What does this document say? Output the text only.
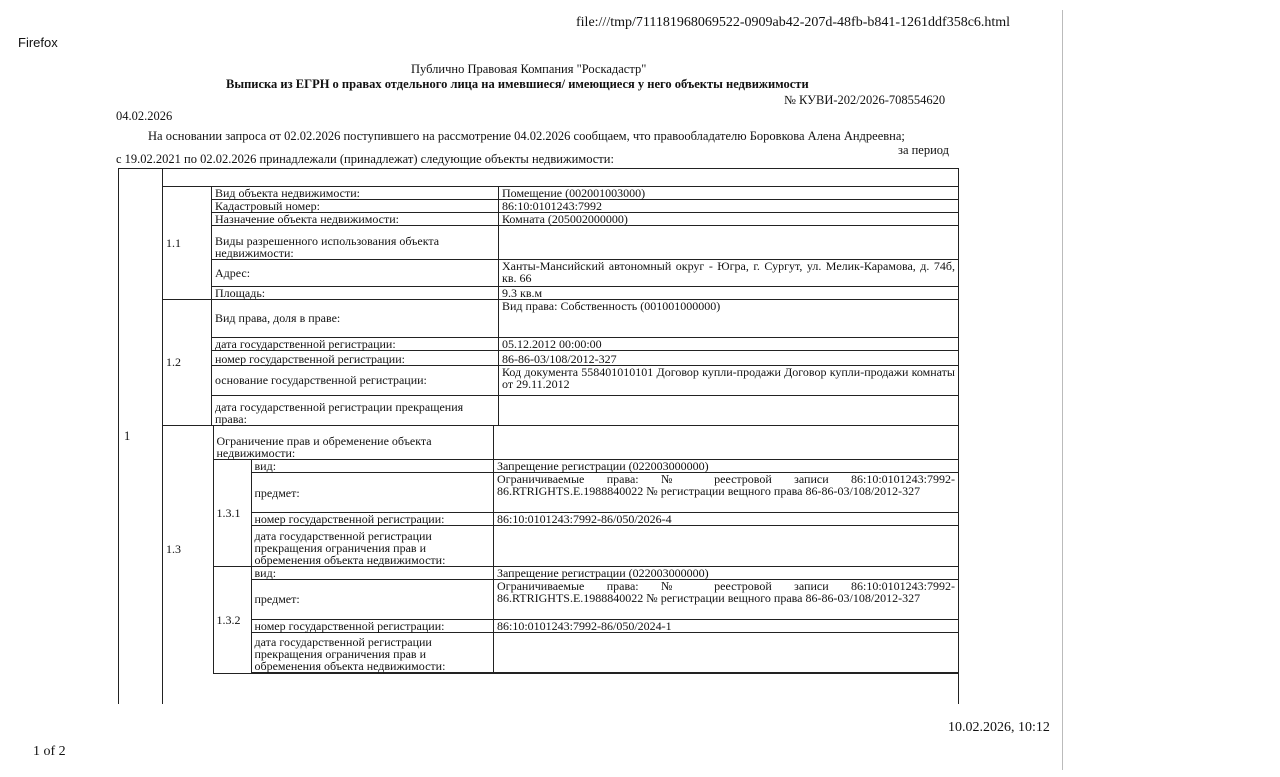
Firefox
file:///tmp/711181968069522-0909ab42-207d-48fb-b841-1261ddf358c6.html
1 of 2
10.02.2026, 10:12
Публично Правовая Компания "Роскадастр"
Выписка из ЕГРН о правах отдельного лица на имевшиеся/ имеющиеся у него объекты недвижимости
№ КУВИ-202/2026-708554620
04.02.2026
На основании запроса от 02.02.2026 поступившего на рассмотрение 04.02.2026 сообщаем, что правообладателю Боровкова Алена Андреевна;
за период
с 19.02.2021 по 02.02.2026 принадлежали (принадлежат) следующие объекты недвижимости:
1
1.1	Вид объекта недвижимости:	Помещение (002001003000)
	Кадастровый номер:	86:10:0101243:7992
	Назначение объекта недвижимости:	Комната (205002000000)
	Виды разрешенного использования объекта недвижимости:	
	Адрес:	Ханты-Мансийский автономный округ - Югра, г. Сургут, ул. Мелик-Карамова, д. 74б, кв. 66
	Площадь:	9.3 кв.м
1.2	Вид права, доля в праве:	Вид права: Собственность (001001000000)
	дата государственной регистрации:	05.12.2012 00:00:00
	номер государственной регистрации:	86-86-03/108/2012-327
	основание государственной регистрации:	Код документа 558401010101 Договор купли-продажи Договор купли-продажи комнаты от 29.11.2012
	дата государственной регистрации прекращения права:	
1.3	Ограничение прав и обременение объекта недвижимости:	
1.3.1	
вид:	Запрещение регистрации (022003000000)
предмет:	Ограничиваемые права: № реестровой записи 86:10:0101243:7992-86.RTRIGHTS.E.1988840022 № регистрации вещного права 86-86-03/108/2012-327
номер государственной регистрации:	86:10:0101243:7992-86/050/2026-4
дата государственной регистрации прекращения ограничения прав и обременения объекта недвижимости:	

1.3.2	
вид:	Запрещение регистрации (022003000000)
предмет:	Ограничиваемые права: № реестровой записи 86:10:0101243:7992-86.RTRIGHTS.E.1988840022 № регистрации вещного права 86-86-03/108/2012-327
номер государственной регистрации:	86:10:0101243:7992-86/050/2024-1
дата государственной регистрации прекращения ограничения прав и обременения объекта недвижимости:	
